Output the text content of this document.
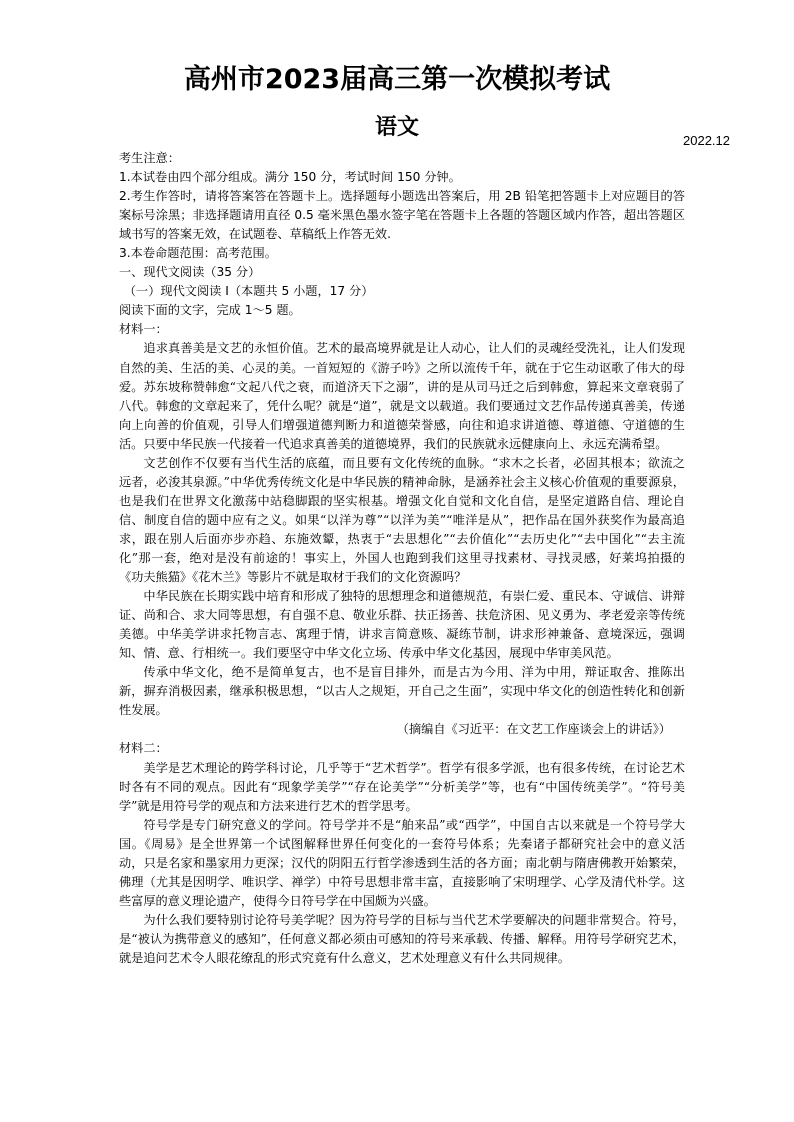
高州市2023届高三第一次模拟考试
语文
2022.12

考生注意：

1.本试卷由四个部分组成。满分 150 分，考试时间 150 分钟。

2.考生作答时，请将答案答在答题卡上。选择题每小题选出答案后，用 2B 铅笔把答题卡上对应题目的答案标号涂黑；非选择题请用直径 0.5 毫米黑色墨水签字笔在答题卡上各题的答题区域内作答，超出答题区域书写的答案无效，在试题卷、草稿纸上作答无效.

3.本卷命题范围：高考范围。

一、现代文阅读（35 分）

（一）现代文阅读 Ⅰ（本题共 5 小题，17 分）

阅读下面的文字，完成 1～5 题。

材料一：

追求真善美是文艺的永恒价值。艺术的最高境界就是让人动心，让人们的灵魂经受洗礼，让人们发现自然的美、生活的美、心灵的美。一首短短的《游子吟》之所以流传千年，就在于它生动讴歌了伟大的母爱。苏东坡称赞韩愈“文起八代之衰，而道济天下之溺”，讲的是从司马迁之后到韩愈，算起来文章衰弱了八代。韩愈的文章起来了，凭什么呢？就是“道”，就是文以载道。我们要通过文艺作品传递真善美，传递向上向善的价值观，引导人们增强道德判断力和道德荣誉感，向往和追求讲道德、尊道德、守道德的生活。只要中华民族一代接着一代追求真善美的道德境界，我们的民族就永远健康向上、永远充满希望。

文艺创作不仅要有当代生活的底蕴，而且要有文化传统的血脉。“求木之长者，必固其根本；欲流之远者，必浚其泉源。”中华优秀传统文化是中华民族的精神命脉，是涵养社会主义核心价值观的重要源泉，也是我们在世界文化激荡中站稳脚跟的坚实根基。增强文化自觉和文化自信，是坚定道路自信、理论自信、制度自信的题中应有之义。如果“以洋为尊”“以洋为美”“唯洋是从”，把作品在国外获奖作为最高追求，跟在别人后面亦步亦趋、东施效颦，热衷于“去思想化”“去价值化”“去历史化”“去中国化”“去主流化”那一套，绝对是没有前途的！事实上，外国人也跑到我们这里寻找素材、寻找灵感，好莱坞拍摄的《功夫熊猫》《花木兰》等影片不就是取材于我们的文化资源吗？

中华民族在长期实践中培育和形成了独特的思想理念和道德规范，有崇仁爱、重民本、守诚信、讲辩证、尚和合、求大同等思想，有自强不息、敬业乐群、扶正扬善、扶危济困、见义勇为、孝老爱亲等传统美德。中华美学讲求托物言志、寓理于情，讲求言简意赅、凝练节制，讲求形神兼备、意境深远，强调知、情、意、行相统一。我们要坚守中华文化立场、传承中华文化基因，展现中华审美风范。

传承中华文化，绝不是简单复古，也不是盲目排外，而是古为今用、洋为中用，辩证取舍、推陈出新，摒弃消极因素，继承积极思想，“以古人之规矩，开自己之生面”，实现中华文化的创造性转化和创新性发展。

（摘编自《习近平：在文艺工作座谈会上的讲话》）

材料二：

美学是艺术理论的跨学科讨论，几乎等于“艺术哲学”。哲学有很多学派，也有很多传统，在讨论艺术时各有不同的观点。因此有“现象学美学”“存在论美学”“分析美学”等，也有“中国传统美学”。“符号美学”就是用符号学的观点和方法来进行艺术的哲学思考。

符号学是专门研究意义的学问。符号学并不是“舶来品”或“西学”，中国自古以来就是一个符号学大国。《周易》是全世界第一个试图解释世界任何变化的一套符号体系；先秦诸子都研究社会中的意义活动，只是名家和墨家用力更深；汉代的阴阳五行哲学渗透到生活的各方面；南北朝与隋唐佛教开始繁荣，佛理（尤其是因明学、唯识学、禅学）中符号思想非常丰富，直接影响了宋明理学、心学及清代朴学。这些富厚的意义理论遗产，使得今日符号学在中国颇为兴盛。

为什么我们要特别讨论符号美学呢？因为符号学的目标与当代艺术学要解决的问题非常契合。符号，是“被认为携带意义的感知”，任何意义都必须由可感知的符号来承载、传播、解释。用符号学研究艺术，就是追问艺术令人眼花缭乱的形式究竟有什么意义，艺术处理意义有什么共同规律。
